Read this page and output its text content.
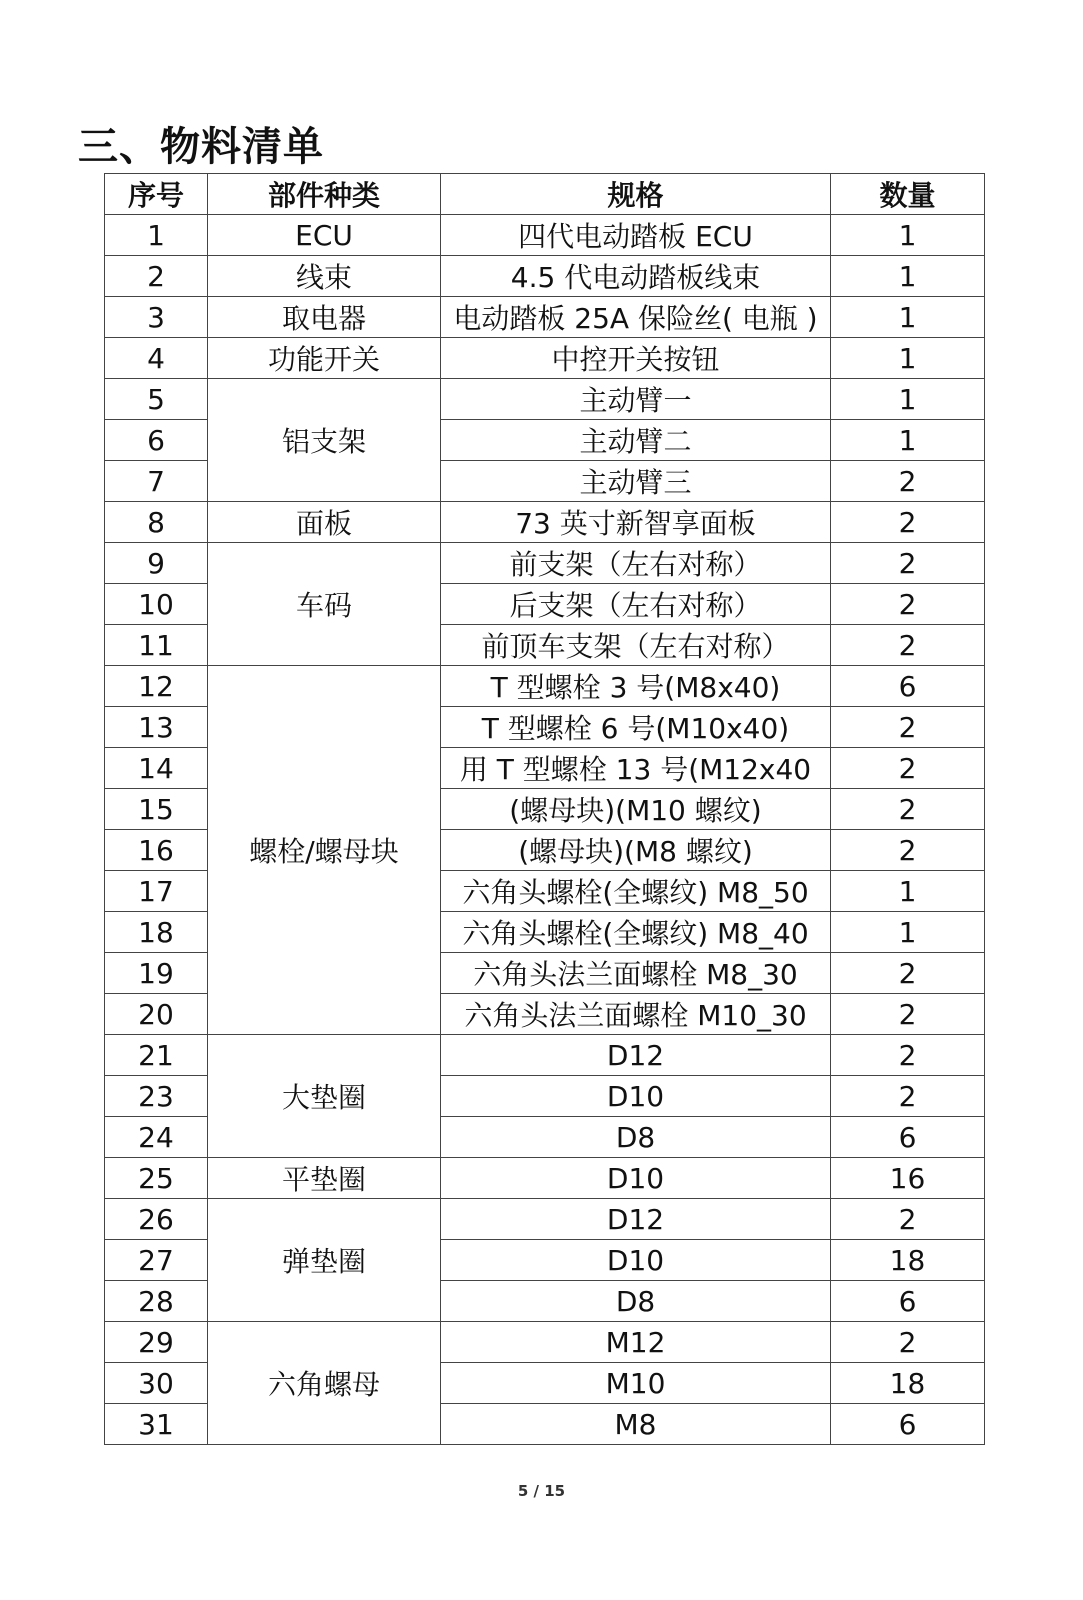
三、物料清单
序号	部件种类	规格	数量
1	ECU	四代电动踏板 ECU	1
2	线束	4.5 代电动踏板线束	1
3	取电器	电动踏板 25A 保险丝( 电瓶 )	1
4	功能开关	中控开关按钮	1
5	铝支架	主动臂一	1
6		主动臂二	1
7		主动臂三	2
8	面板	73 英寸新智享面板	2
9	车码	前支架（左右对称）	2
10		后支架（左右对称）	2
11		前顶车支架（左右对称）	2
12	螺栓/螺母块	T 型螺栓 3 号(M8x40)	6
13		T 型螺栓 6 号(M10x40)	2
14		用 T 型螺栓 13 号(M12x40	2
15		(螺母块)(M10 螺纹)	2
16		(螺母块)(M8 螺纹)	2
17		六角头螺栓(全螺纹) M8_50	1
18		六角头螺栓(全螺纹) M8_40	1
19		六角头法兰面螺栓 M8_30	2
20		六角头法兰面螺栓 M10_30	2
21	大垫圈	D12	2
23		D10	2
24		D8	6
25	平垫圈	D10	16
26	弹垫圈	D12	2
27		D10	18
28		D8	6
29	六角螺母	M12	2
30		M10	18
31		M8	6
5 / 15
